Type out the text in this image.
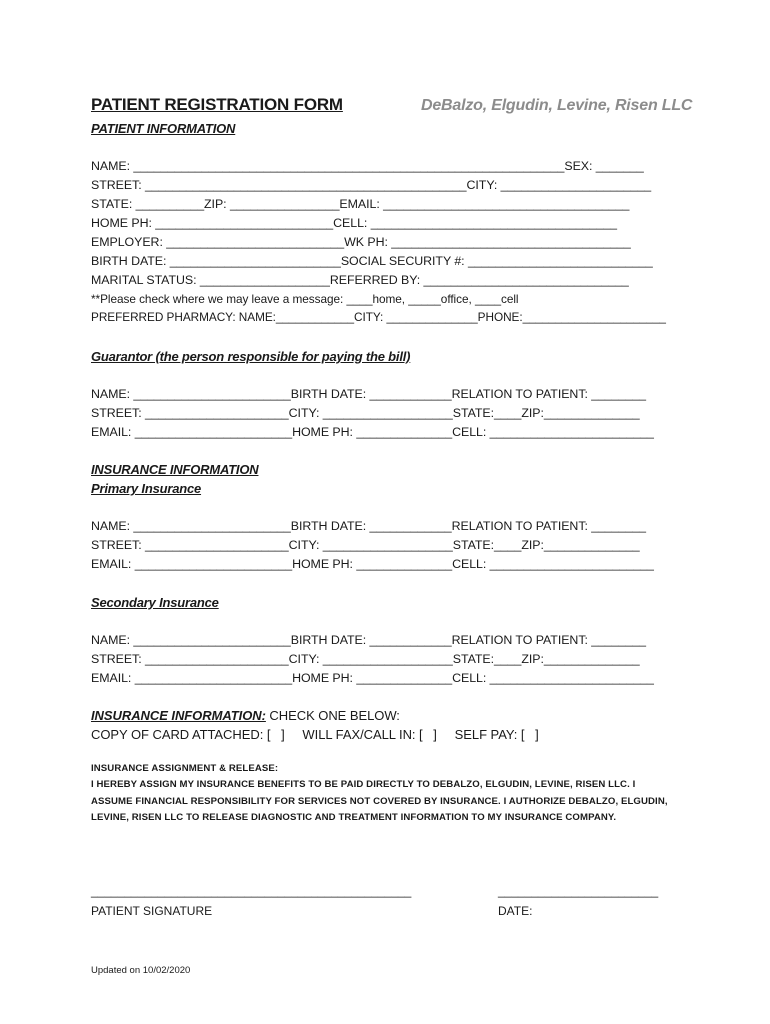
PATIENT REGISTRATION FORM	DeBalzo, Elgudin, Levine, Risen LLC
PATIENT INFORMATION
NAME: _______________________________________________________________SEX: _______
STREET: _______________________________________________CITY: ______________________
STATE: __________ZIP: ________________EMAIL: ____________________________________
HOME PH: __________________________CELL: ____________________________________
EMPLOYER: __________________________WK PH: ___________________________________
BIRTH DATE: _________________________SOCIAL SECURITY #: ___________________________
MARITAL STATUS: ___________________REFERRED BY: ______________________________
**Please check where we may leave a message: ____home, _____office, ____cell
PREFERRED PHARMACY: NAME:____________CITY: ______________PHONE:______________________
Guarantor (the person responsible for paying the bill)
NAME: _______________________BIRTH DATE: ____________RELATION TO PATIENT: ________
STREET: _____________________CITY: ___________________STATE:____ZIP:______________
EMAIL: _______________________HOME PH: ______________CELL: ________________________
INSURANCE INFORMATION
Primary Insurance
NAME: _______________________BIRTH DATE: ____________RELATION TO PATIENT: ________
STREET: _____________________CITY: ___________________STATE:____ZIP:______________
EMAIL: _______________________HOME PH: ______________CELL: ________________________
Secondary Insurance
NAME: _______________________BIRTH DATE: ____________RELATION TO PATIENT: ________
STREET: _____________________CITY: ___________________STATE:____ZIP:______________
EMAIL: _______________________HOME PH: ______________CELL: ________________________
INSURANCE INFORMATION: CHECK ONE BELOW:
COPY OF CARD ATTACHED: [   ]     WILL FAX/CALL IN: [   ]     SELF PAY: [   ]
INSURANCE ASSIGNMENT & RELEASE:
I HEREBY ASSIGN MY INSURANCE BENEFITS TO BE PAID DIRECTLY TO DEBALZO, ELGUDIN, LEVINE, RISEN LLC. I ASSUME FINANCIAL RESPONSIBILITY FOR SERVICES NOT COVERED BY INSURANCE. I AUTHORIZE DEBALZO, ELGUDIN, LEVINE, RISEN LLC TO RELEASE DIAGNOSTIC AND TREATMENT INFORMATION TO MY INSURANCE COMPANY.
________________________________________________
PATIENT SIGNATURE
________________________
DATE:
Updated on 10/02/2020
